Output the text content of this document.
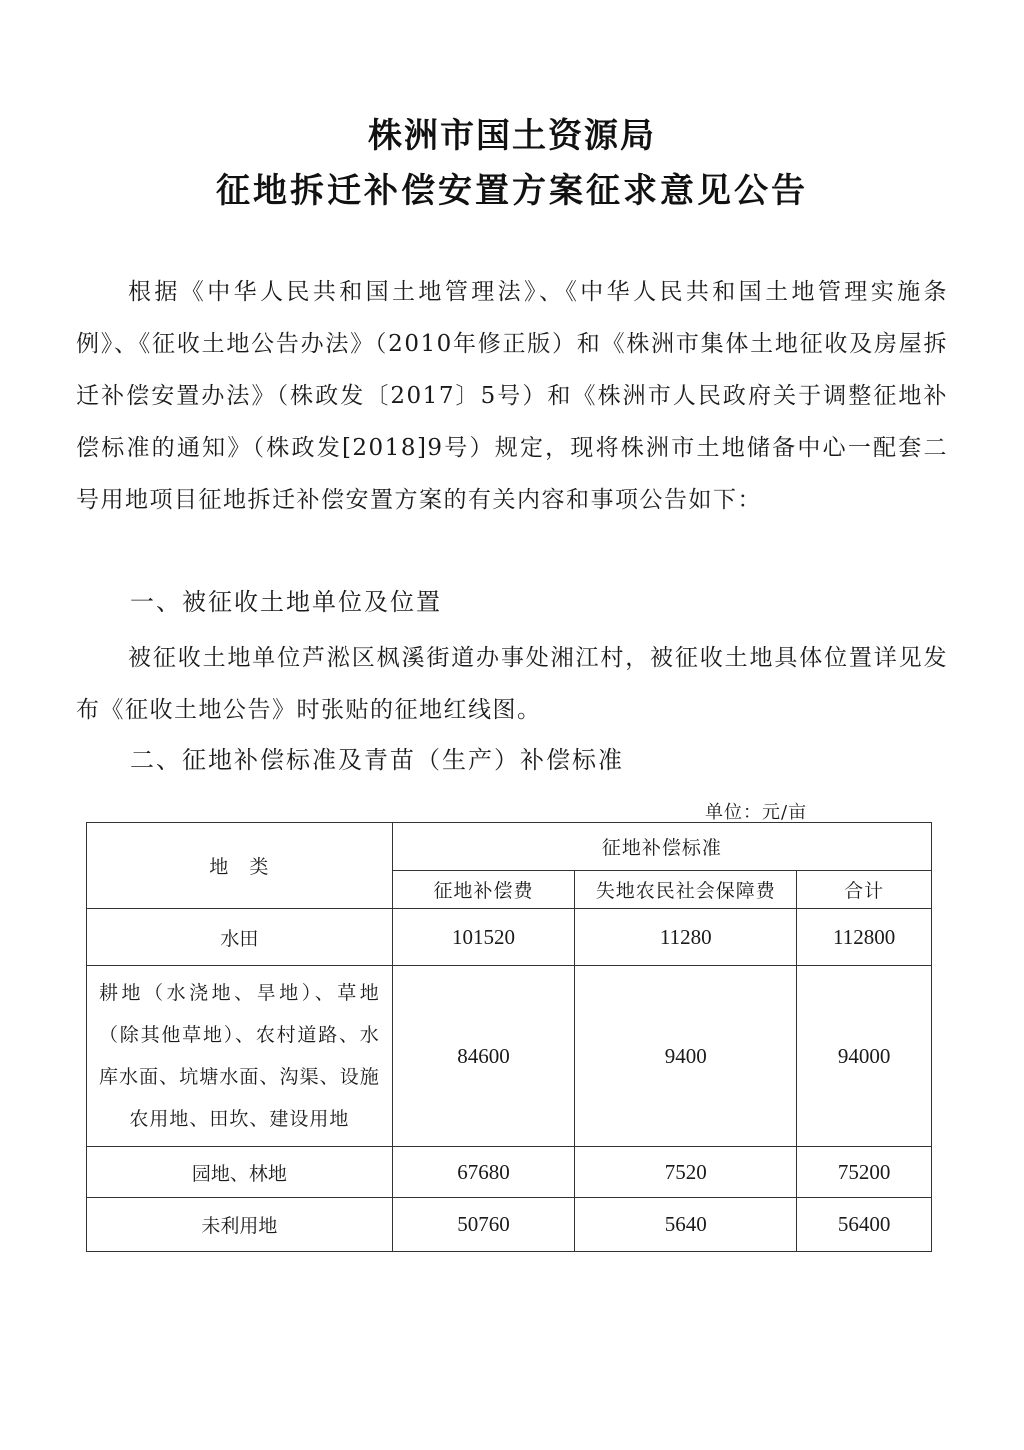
株洲市国土资源局
征地拆迁补偿安置方案征求意见公告
根据《中华人民共和国土地管理法》、《中华人民共和国土地管理实施条例》、《征收土地公告办法》（2010年修正版）和《株洲市集体土地征收及房屋拆迁补偿安置办法》（株政发〔2017〕5号）和《株洲市人民政府关于调整征地补偿标准的通知》（株政发[2018]9号）规定，现将株洲市土地储备中心一配套二号用地项目征地拆迁补偿安置方案的有关内容和事项公告如下：
一、被征收土地单位及位置
被征收土地单位芦淞区枫溪街道办事处湘江村，被征收土地具体位置详见发布《征收土地公告》时张贴的征地红线图。
二、征地补偿标准及青苗（生产）补偿标准
单位：元/亩
地　类	征地补偿标准		
	征地补偿费	失地农民社会保障费	合计
水田	101520	11280	112800
耕地（水浇地、旱地）、草地（除其他草地）、农村道路、水库水面、坑塘水面、沟渠、设施农用地、田坎、建设用地	84600	9400	94000
园地、林地	67680	7520	75200
未利用地	50760	5640	56400
